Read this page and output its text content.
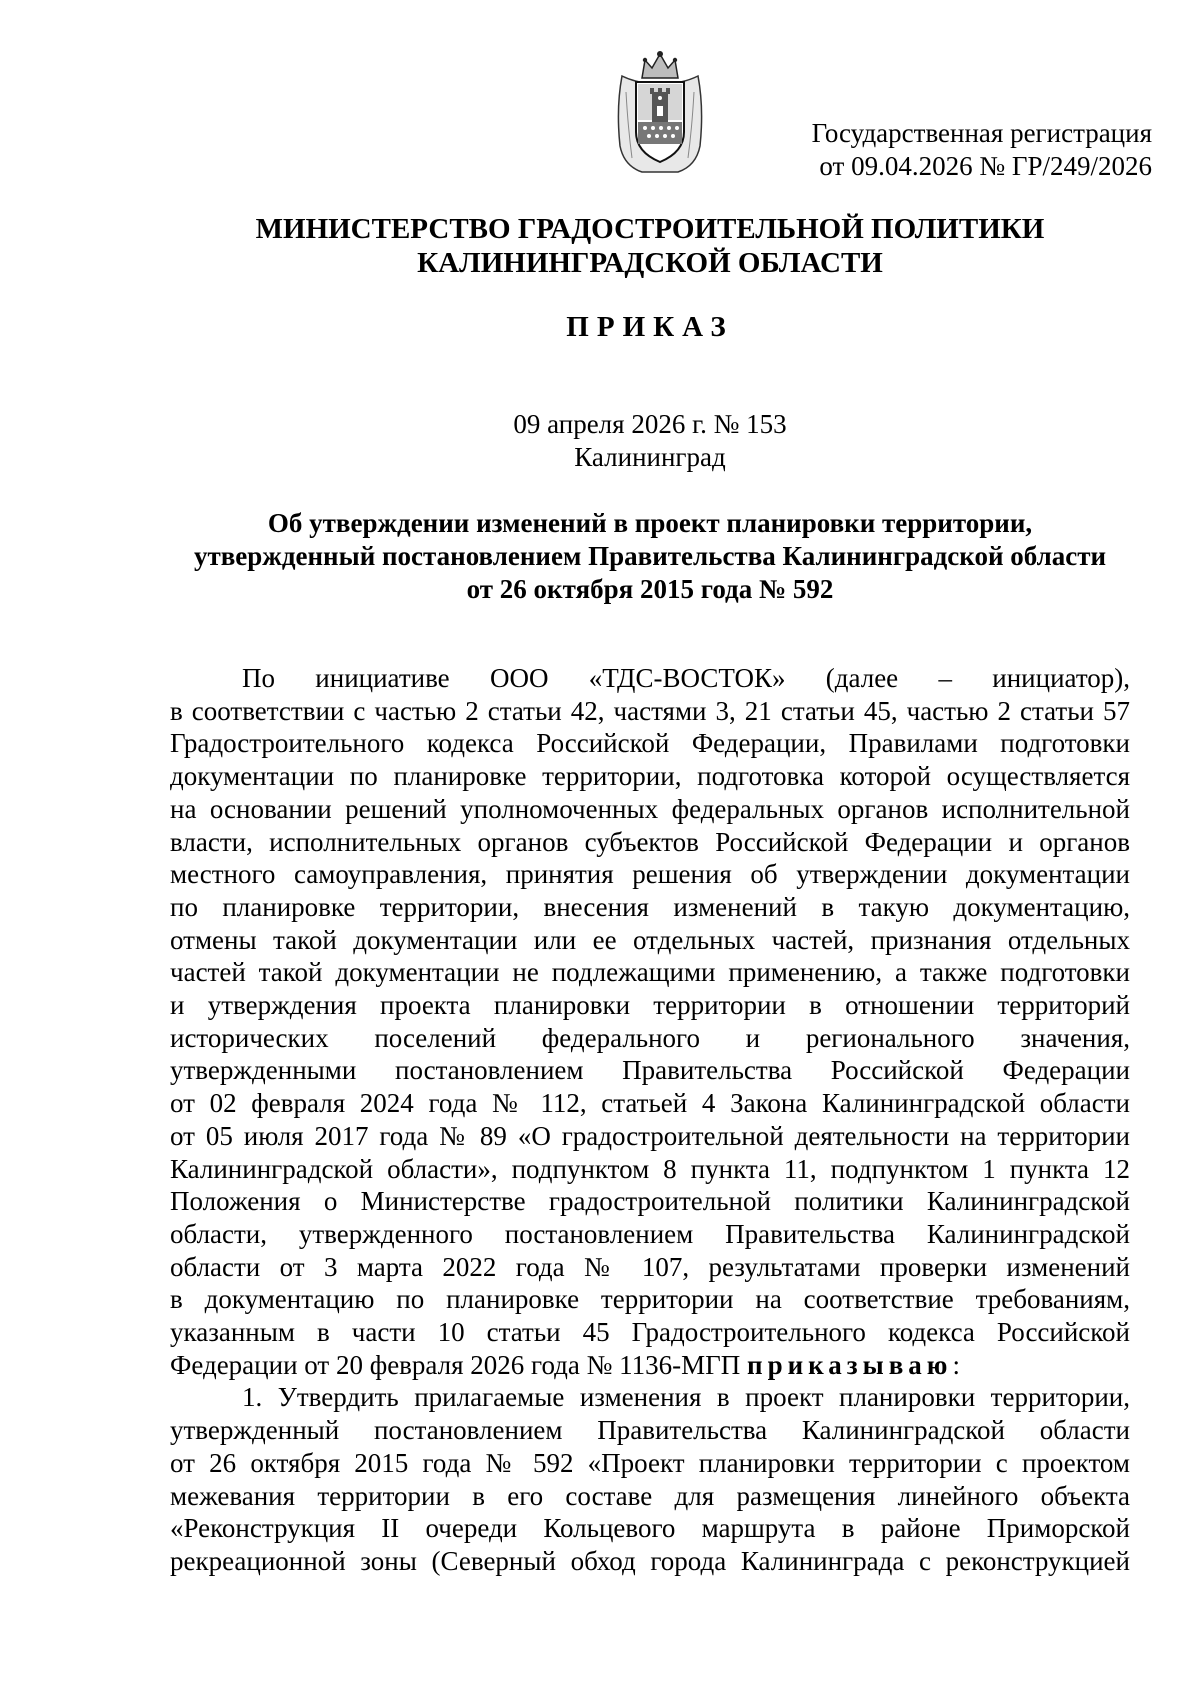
Государственная регистрация
от 09.04.2026 № ГР/249/2026
МИНИСТЕРСТВО ГРАДОСТРОИТЕЛЬНОЙ ПОЛИТИКИ
КАЛИНИНГРАДСКОЙ ОБЛАСТИ
ПРИКАЗ
09 апреля 2026 г. № 153
Калининград
Об утверждении изменений в проект планировки территории,
утвержденный постановлением Правительства Калининградской области
от 26 октября 2015 года № 592
По инициативе ООО «ТДС-ВОСТОК» (далее – инициатор),
в соответствии с частью 2 статьи 42, частями 3, 21 статьи 45, частью 2 статьи 57
Градостроительного кодекса Российской Федерации, Правилами подготовки
документации по планировке территории, подготовка которой осуществляется
на основании решений уполномоченных федеральных органов исполнительной
власти, исполнительных органов субъектов Российской Федерации и органов
местного самоуправления, принятия решения об утверждении документации
по планировке территории, внесения изменений в такую документацию,
отмены такой документации или ее отдельных частей, признания отдельных
частей такой документации не подлежащими применению, а также подготовки
и утверждения проекта планировки территории в отношении территорий
исторических поселений федерального и регионального значения,
утвержденными постановлением Правительства Российской Федерации
от 02 февраля 2024 года № 112, статьей 4 Закона Калининградской области
от 05 июля 2017 года № 89 «О градостроительной деятельности на территории
Калининградской области», подпунктом 8 пункта 11, подпунктом 1 пункта 12
Положения о Министерстве градостроительной политики Калининградской
области, утвержденного постановлением Правительства Калининградской
области от 3 марта 2022 года № 107, результатами проверки изменений
в документацию по планировке территории на соответствие требованиям,
указанным в части 10 статьи 45 Градостроительного кодекса Российской
Федерации от 20 февраля 2026 года № 1136-МГП приказываю:
1. Утвердить прилагаемые изменения в проект планировки территории,
утвержденный постановлением Правительства Калининградской области
от 26 октября 2015 года № 592 «Проект планировки территории с проектом
межевания территории в его составе для размещения линейного объекта
«Реконструкция II очереди Кольцевого маршрута в районе Приморской
рекреационной зоны (Северный обход города Калининграда с реконструкцией
